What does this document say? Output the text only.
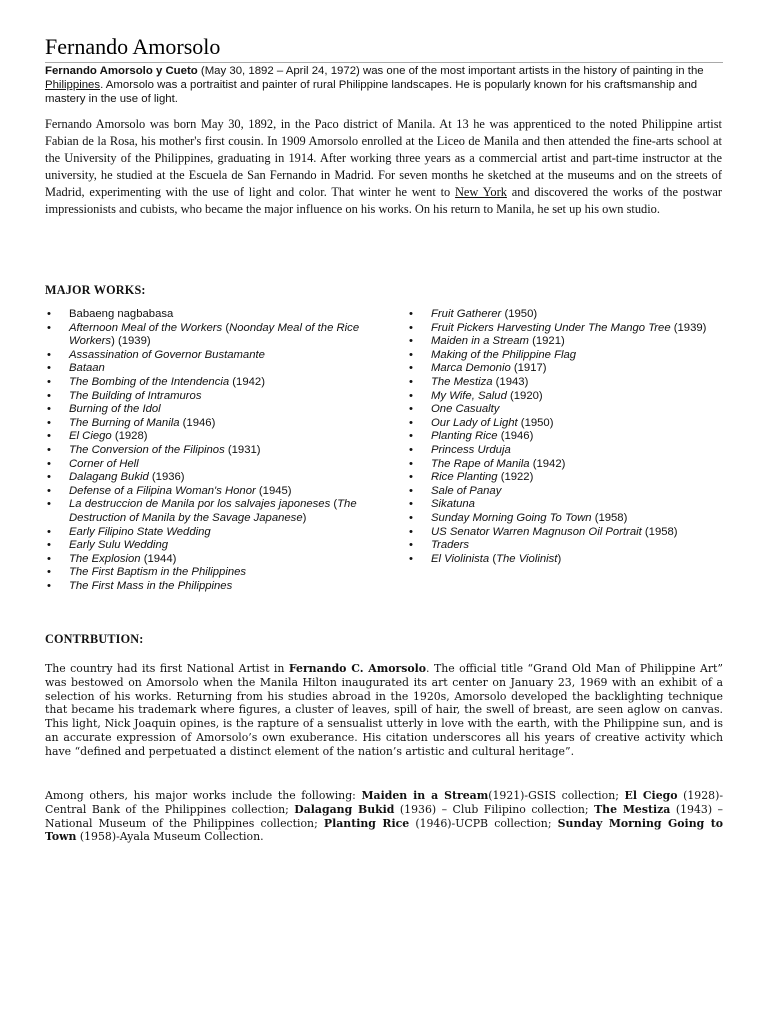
Fernando Amorsolo
Fernando Amorsolo y Cueto (May 30, 1892 – April 24, 1972) was one of the most important artists in the history of painting in the Philippines. Amorsolo was a portraitist and painter of rural Philippine landscapes. He is popularly known for his craftsmanship and mastery in the use of light.

Fernando Amorsolo was born May 30, 1892, in the Paco district of Manila. At 13 he was apprenticed to the noted Philippine artist Fabian de la Rosa, his mother's first cousin. In 1909 Amorsolo enrolled at the Liceo de Manila and then attended the fine-arts school at the University of the Philippines, graduating in 1914. After working three years as a commercial artist and part-time instructor at the university, he studied at the Escuela de San Fernando in Madrid. For seven months he sketched at the museums and on the streets of Madrid, experimenting with the use of light and color. That winter he went to New York and discovered the works of the postwar impressionists and cubists, who became the major influence on his works. On his return to Manila, he set up his own studio.

MAJOR WORKS:
• Babaeng nagbabasa
• Afternoon Meal of the Workers (Noonday Meal of the Rice Workers) (1939)
• Assassination of Governor Bustamante
• Bataan
• The Bombing of the Intendencia (1942)
• The Building of Intramuros
• Burning of the Idol
• The Burning of Manila (1946)
• El Ciego (1928)
• The Conversion of the Filipinos (1931)
• Corner of Hell
• Dalagang Bukid (1936)
• Defense of a Filipina Woman's Honor (1945)
• La destruccion de Manila por los salvajes japoneses (The Destruction of Manila by the Savage Japanese)
• Early Filipino State Wedding
• Early Sulu Wedding
• The Explosion (1944)
• The First Baptism in the Philippines
• The First Mass in the Philippines
• Fruit Gatherer (1950)
• Fruit Pickers Harvesting Under The Mango Tree (1939)
• Maiden in a Stream (1921)
• Making of the Philippine Flag
• Marca Demonio (1917)
• The Mestiza (1943)
• My Wife, Salud (1920)
• One Casualty
• Our Lady of Light (1950)
• Planting Rice (1946)
• Princess Urduja
• The Rape of Manila (1942)
• Rice Planting (1922)
• Sale of Panay
• Sikatuna
• Sunday Morning Going To Town (1958)
• US Senator Warren Magnuson Oil Portrait (1958)
• Traders
• El Violinista (The Violinist)
CONTRBUTION:

The country had its first National Artist in Fernando C. Amorsolo. The official title “Grand Old Man of Philippine Art” was bestowed on Amorsolo when the Manila Hilton inaugurated its art center on January 23, 1969 with an exhibit of a selection of his works. Returning from his studies abroad in the 1920s, Amorsolo developed the backlighting technique that became his trademark where figures, a cluster of leaves, spill of hair, the swell of breast, are seen aglow on canvas. This light, Nick Joaquin opines, is the rapture of a sensualist utterly in love with the earth, with the Philippine sun, and is an accurate expression of Amorsolo’s own exuberance. His citation underscores all his years of creative activity which have “defined and perpetuated a distinct element of the nation’s artistic and cultural heritage”.

Among others, his major works include the following: Maiden in a Stream(1921)-GSIS collection; El Ciego (1928)-Central Bank of the Philippines collection; Dalagang Bukid (1936) – Club Filipino collection; The Mestiza (1943) – National Museum of the Philippines collection; Planting Rice (1946)-UCPB collection; Sunday Morning Going to Town (1958)-Ayala Museum Collection.
